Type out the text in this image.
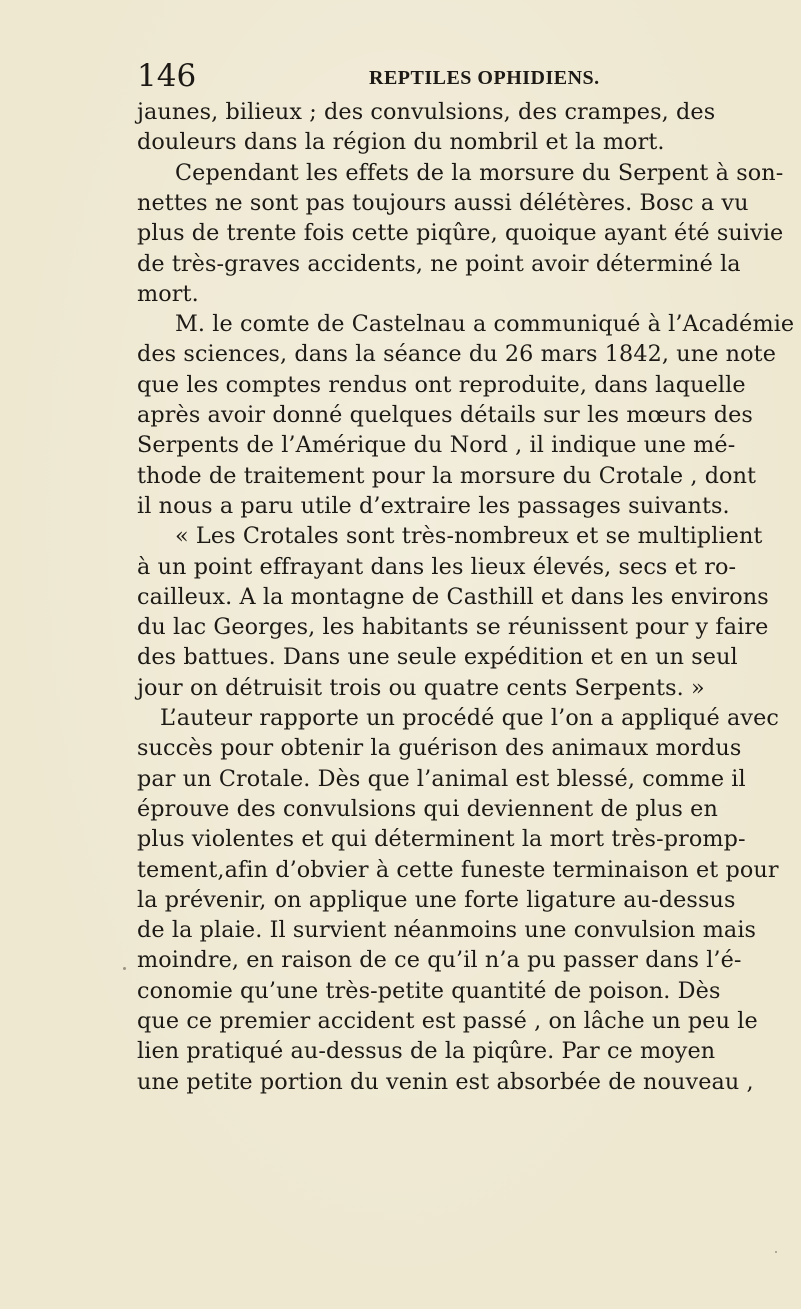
146	REPTILES OPHIDIENS.
jaunes, bilieux ; des convulsions, des crampes, des
douleurs dans la région du nombril et la mort.
Cependant les effets de la morsure du Serpent à son-
nettes ne sont pas toujours aussi délétères. Bosc a vu
plus de trente fois cette piqûre, quoique ayant été suivie
de très-graves accidents, ne point avoir déterminé la
mort.
M. le comte de Castelnau a communiqué à l’Académie
des sciences, dans la séance du 26 mars 1842, une note
que les comptes rendus ont reproduite, dans laquelle
après avoir donné quelques détails sur les mœurs des
Serpents de l’Amérique du Nord , il indique une mé-
thode de traitement pour la morsure du Crotale , dont
il nous a paru utile d’extraire les passages suivants.
« Les Crotales sont très-nombreux et se multiplient
à un point effrayant dans les lieux élevés, secs et ro-
cailleux. A la montagne de Casthill et dans les environs
du lac Georges, les habitants se réunissent pour y faire
des battues. Dans une seule expédition et en un seul
jour on détruisit trois ou quatre cents Serpents. »
L’auteur rapporte un procédé que l’on a appliqué avec
succès pour obtenir la guérison des animaux mordus
par un Crotale. Dès que l’animal est blessé, comme il
éprouve des convulsions qui deviennent de plus en
plus violentes et qui déterminent la mort très-promp-
tement,afin d’obvier à cette funeste terminaison et pour
la prévenir, on applique une forte ligature au-dessus
de la plaie. Il survient néanmoins une convulsion mais
moindre, en raison de ce qu’il n’a pu passer dans l’é-
conomie qu’une très-petite quantité de poison. Dès
que ce premier accident est passé , on lâche un peu le
lien pratiqué au-dessus de la piqûre. Par ce moyen
une petite portion du venin est absorbée de nouveau ,
